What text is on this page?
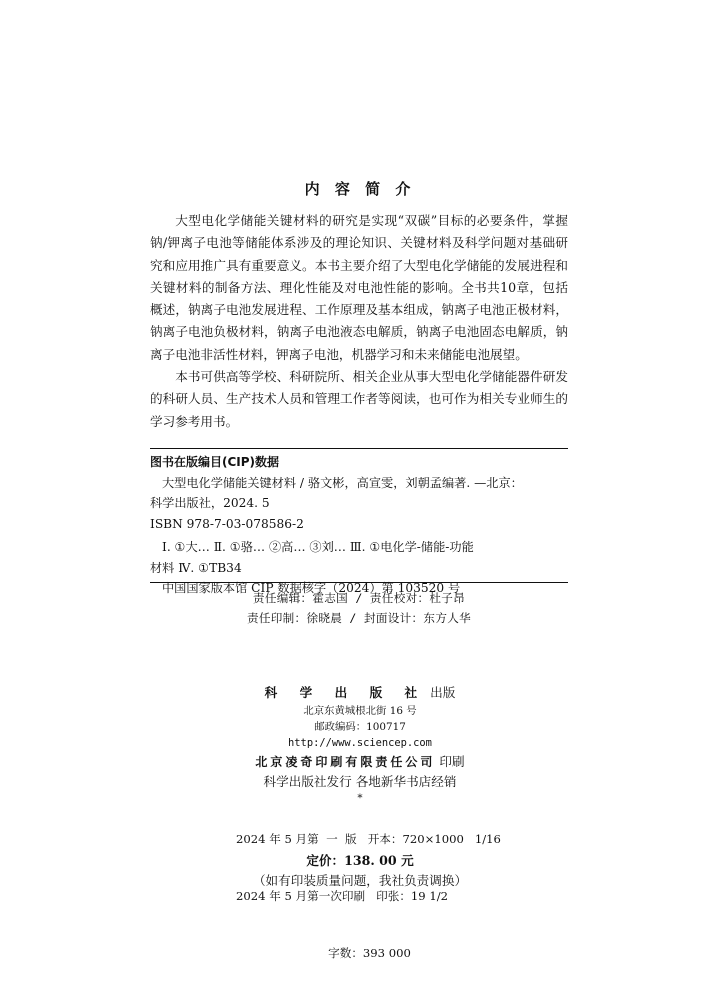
内 容 简 介

大型电化学储能关键材料的研究是实现“双碳”目标的必要条件，掌握钠/钾离子电池等储能体系涉及的理论知识、关键材料及科学问题对基础研究和应用推广具有重要意义。本书主要介绍了大型电化学储能的发展进程和关键材料的制备方法、理化性能及对电池性能的影响。全书共10章，包括概述，钠离子电池发展进程、工作原理及基本组成，钠离子电池正极材料，钠离子电池负极材料，钠离子电池液态电解质，钠离子电池固态电解质，钠离子电池非活性材料，钾离子电池，机器学习和未来储能电池展望。

本书可供高等学校、科研院所、相关企业从事大型电化学储能器件研发的科研人员、生产技术人员和管理工作者等阅读，也可作为相关专业师生的学习参考用书。

图书在版编目(CIP)数据
大型电化学储能关键材料 / 骆文彬，高宣雯，刘朝孟编著. —北京：
科学出版社，2024. 5
ISBN 978-7-03-078586-2
Ⅰ. ①大… Ⅱ. ①骆… ②高… ③刘… Ⅲ. ①电化学-储能-功能
材料 Ⅳ. ①TB34
中国国家版本馆 CIP 数据核字（2024）第 103520 号
责任编辑：霍志国 / 责任校对：杜子昂
责任印制：徐晓晨 / 封面设计：东方人华
科 学 出 版 社 出版
北京东黄城根北街 16 号
邮政编码：100717
http://www.sciencep.com
北京凌奇印刷有限责任公司 印刷
科学出版社发行 各地新华书店经销
*

2024 年 5 月第  一  版   开本：720×1000   1/16

2024 年 5 月第一次印刷   印张：19 1/2

字数：393 000

定价：138. 00 元
（如有印装质量问题，我社负责调换）
